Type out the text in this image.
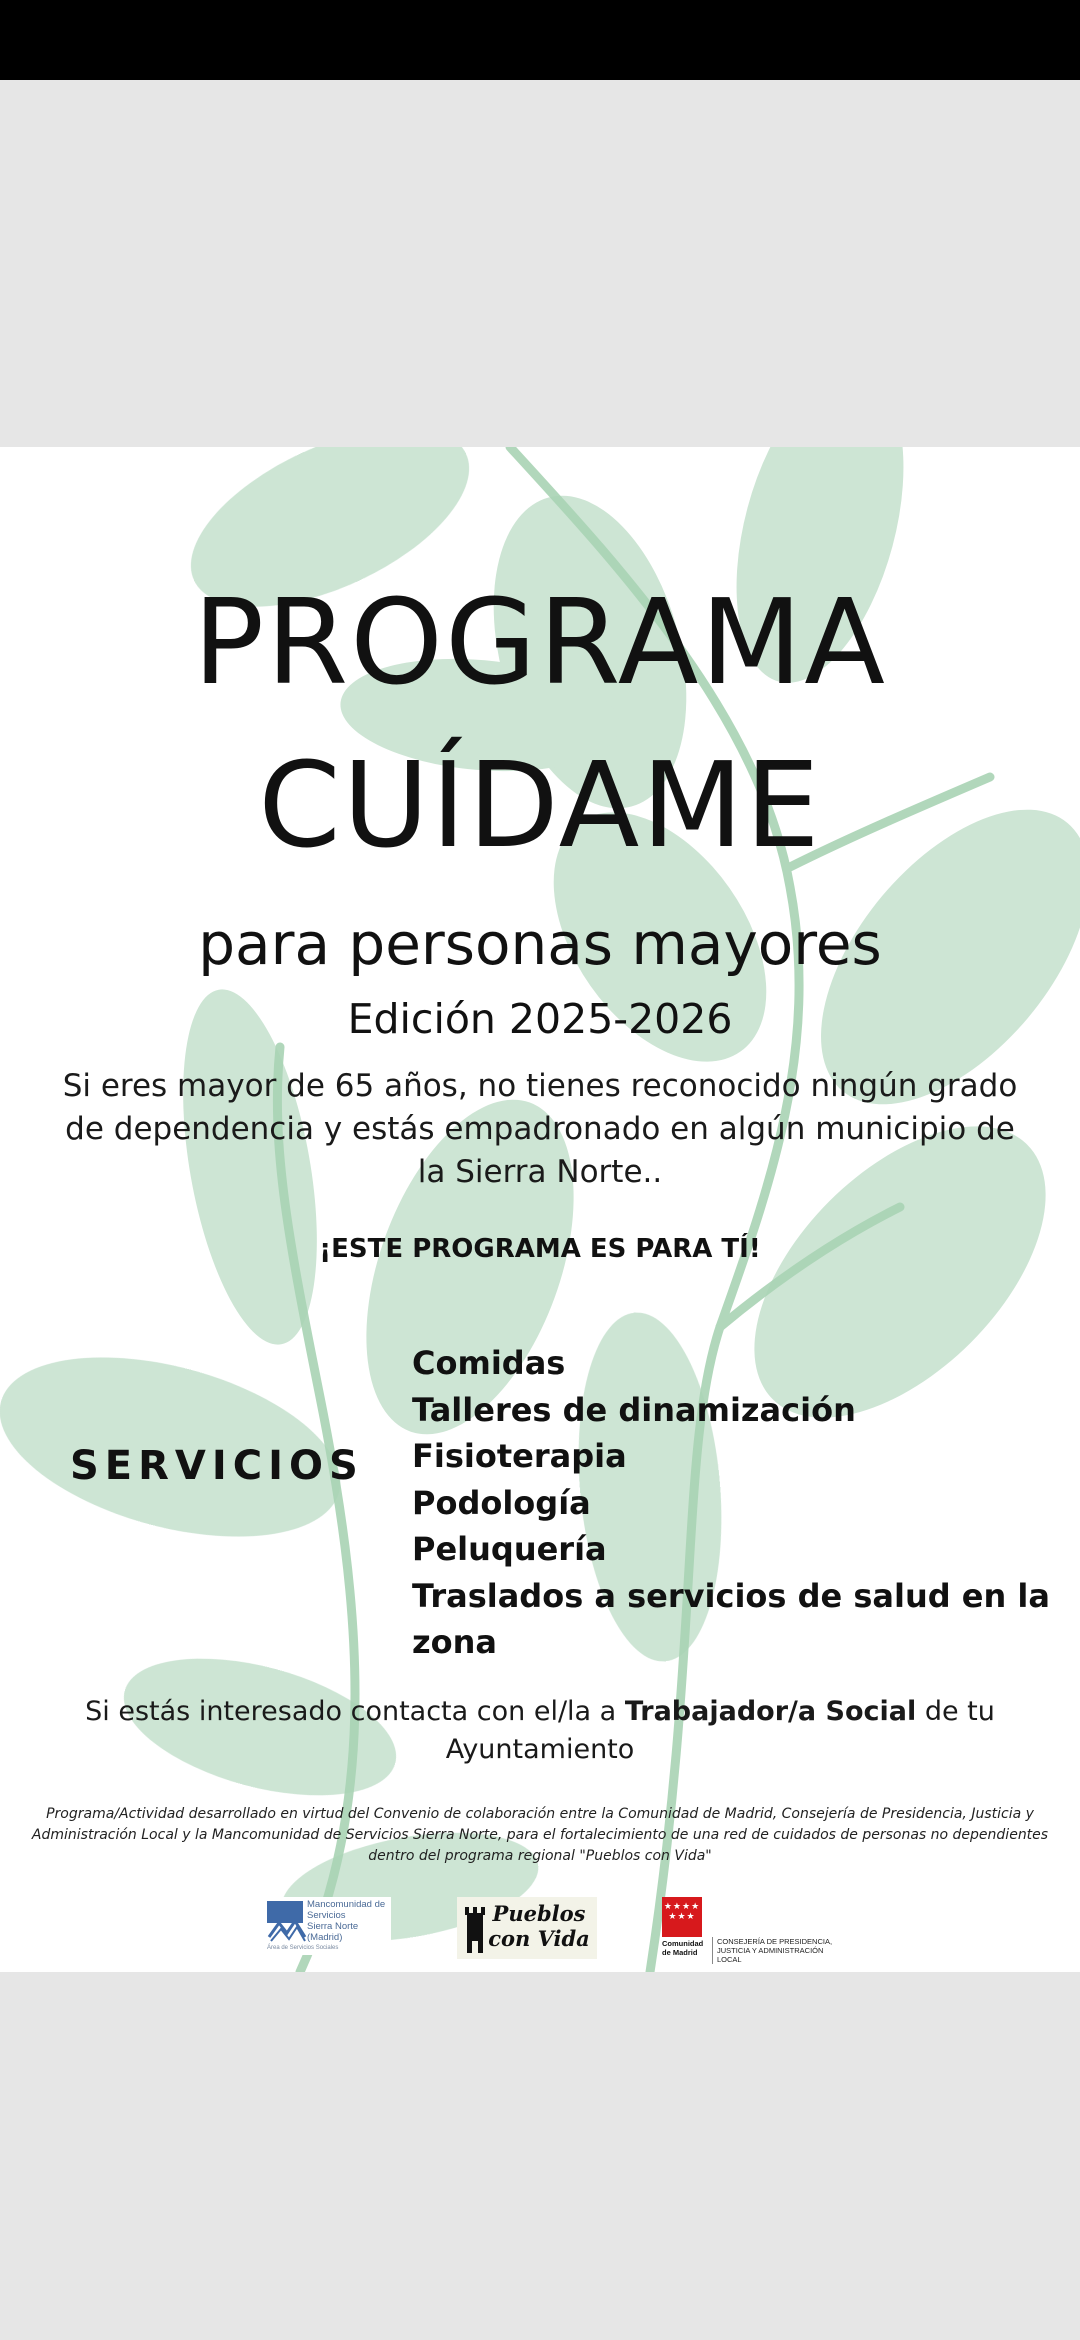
PROGRAMA
CUÍDAME
para personas mayores
Edición 2025-2026
Si eres mayor de 65 años, no tienes reconocido ningún grado de dependencia y estás empadronado en algún municipio de la Sierra Norte..
¡ESTE PROGRAMA ES PARA TÍ!
SERVICIOS
Comidas
Talleres de dinamización
Fisioterapia
Podología
Peluquería
Traslados a servicios de salud en la zona
Si estás interesado contacta con el/la a Trabajador/a Social de tu Ayuntamiento
Programa/Actividad desarrollado en virtud del Convenio de colaboración entre la Comunidad de Madrid, Consejería de Presidencia, Justicia y Administración Local y la Mancomunidad de Servicios Sierra Norte, para el fortalecimiento de una red de cuidados de personas no dependientes dentro del programa regional "Pueblos con Vida"
Mancomunidad de
Servicios
Sierra Norte (Madrid)
Área de Servicios Sociales
Pueblos
con Vida
★★★★
★★★
Comunidad
de Madrid
CONSEJERÍA DE PRESIDENCIA,
JUSTICIA Y ADMINISTRACIÓN LOCAL
